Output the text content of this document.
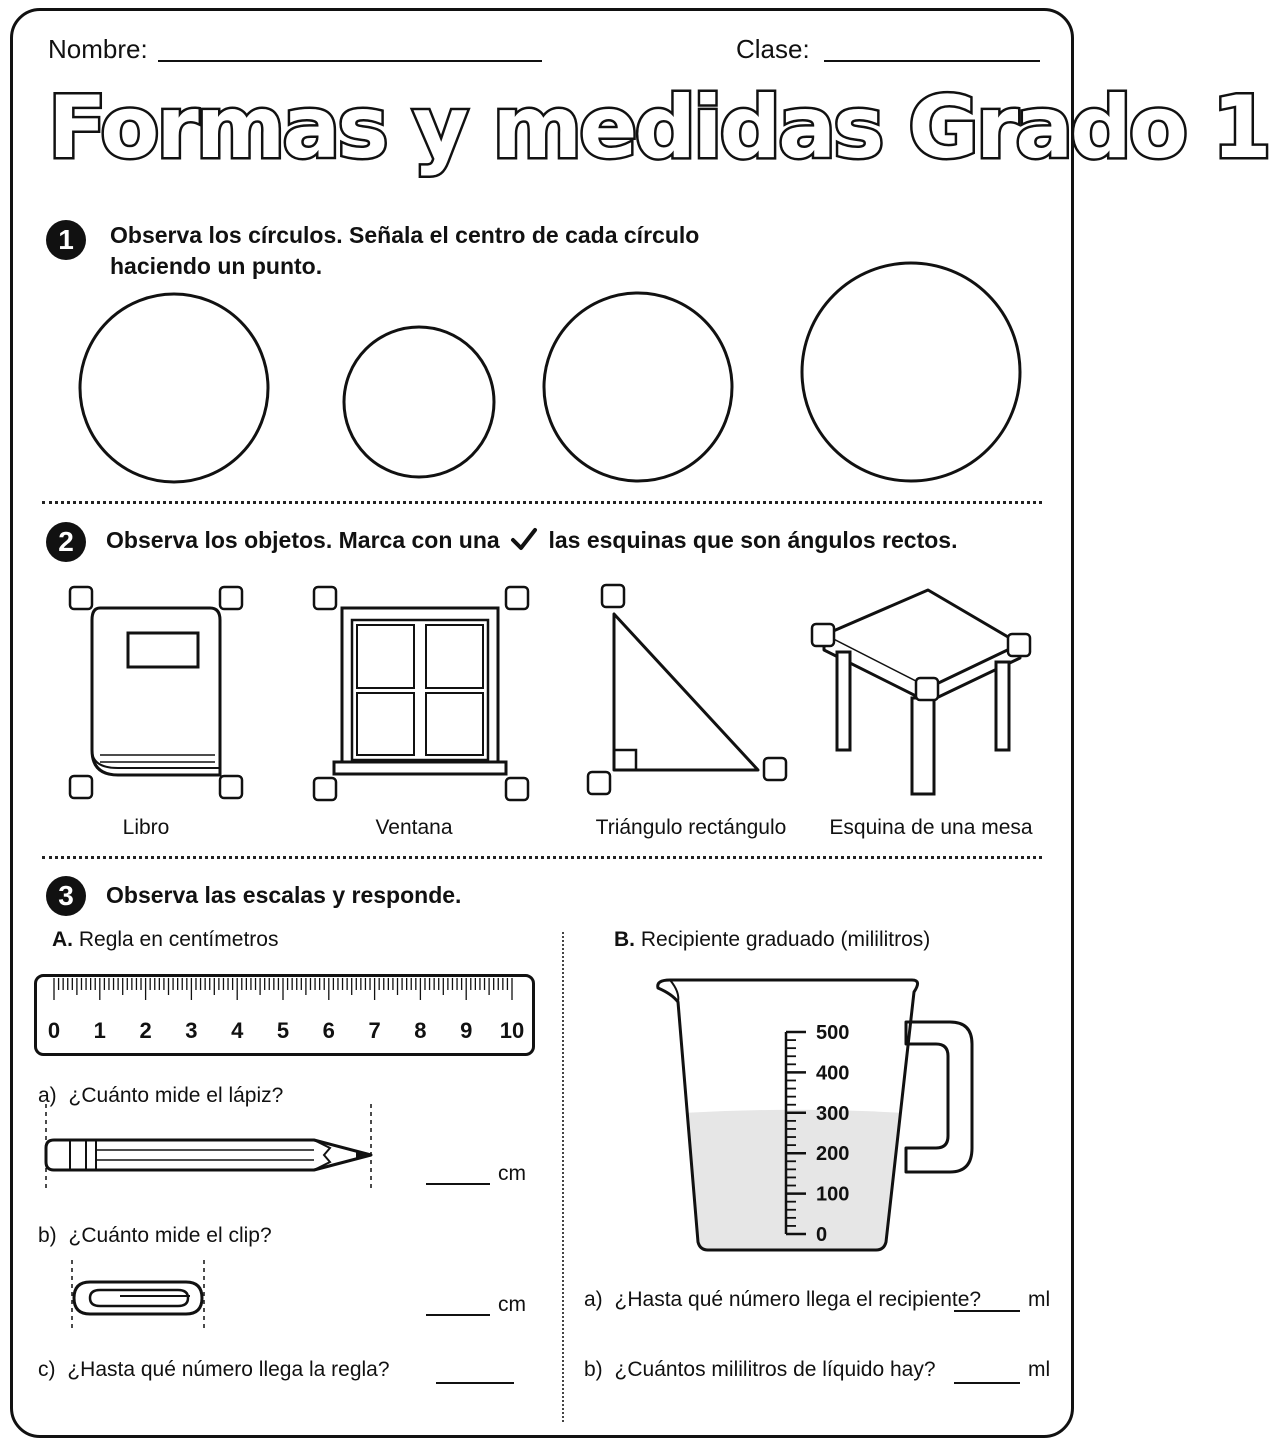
Nombre:	Clase:
Formas y medidas Grado 1
1	Observa los círculos. Señala el centro de cada círculo
haciendo un punto.
2	Observa los objetos. Marca con una las esquinas que son ángulos rectos.
Libro	Ventana	Triángulo rectángulo	Esquina de una mesa
3	Observa las escalas y responde.
A. Regla en centímetros
0 1 2 3 4 5 6 7 8 9 10
a) ¿Cuánto mide el lápiz?
cm
b) ¿Cuánto mide el clip?
cm
c) ¿Hasta qué número llega la regla?
B. Recipiente graduado (mililitros)
500
400
300
200
100
0
a) ¿Hasta qué número llega el recipiente? ml
b) ¿Cuántos mililitros de líquido hay?	ml
